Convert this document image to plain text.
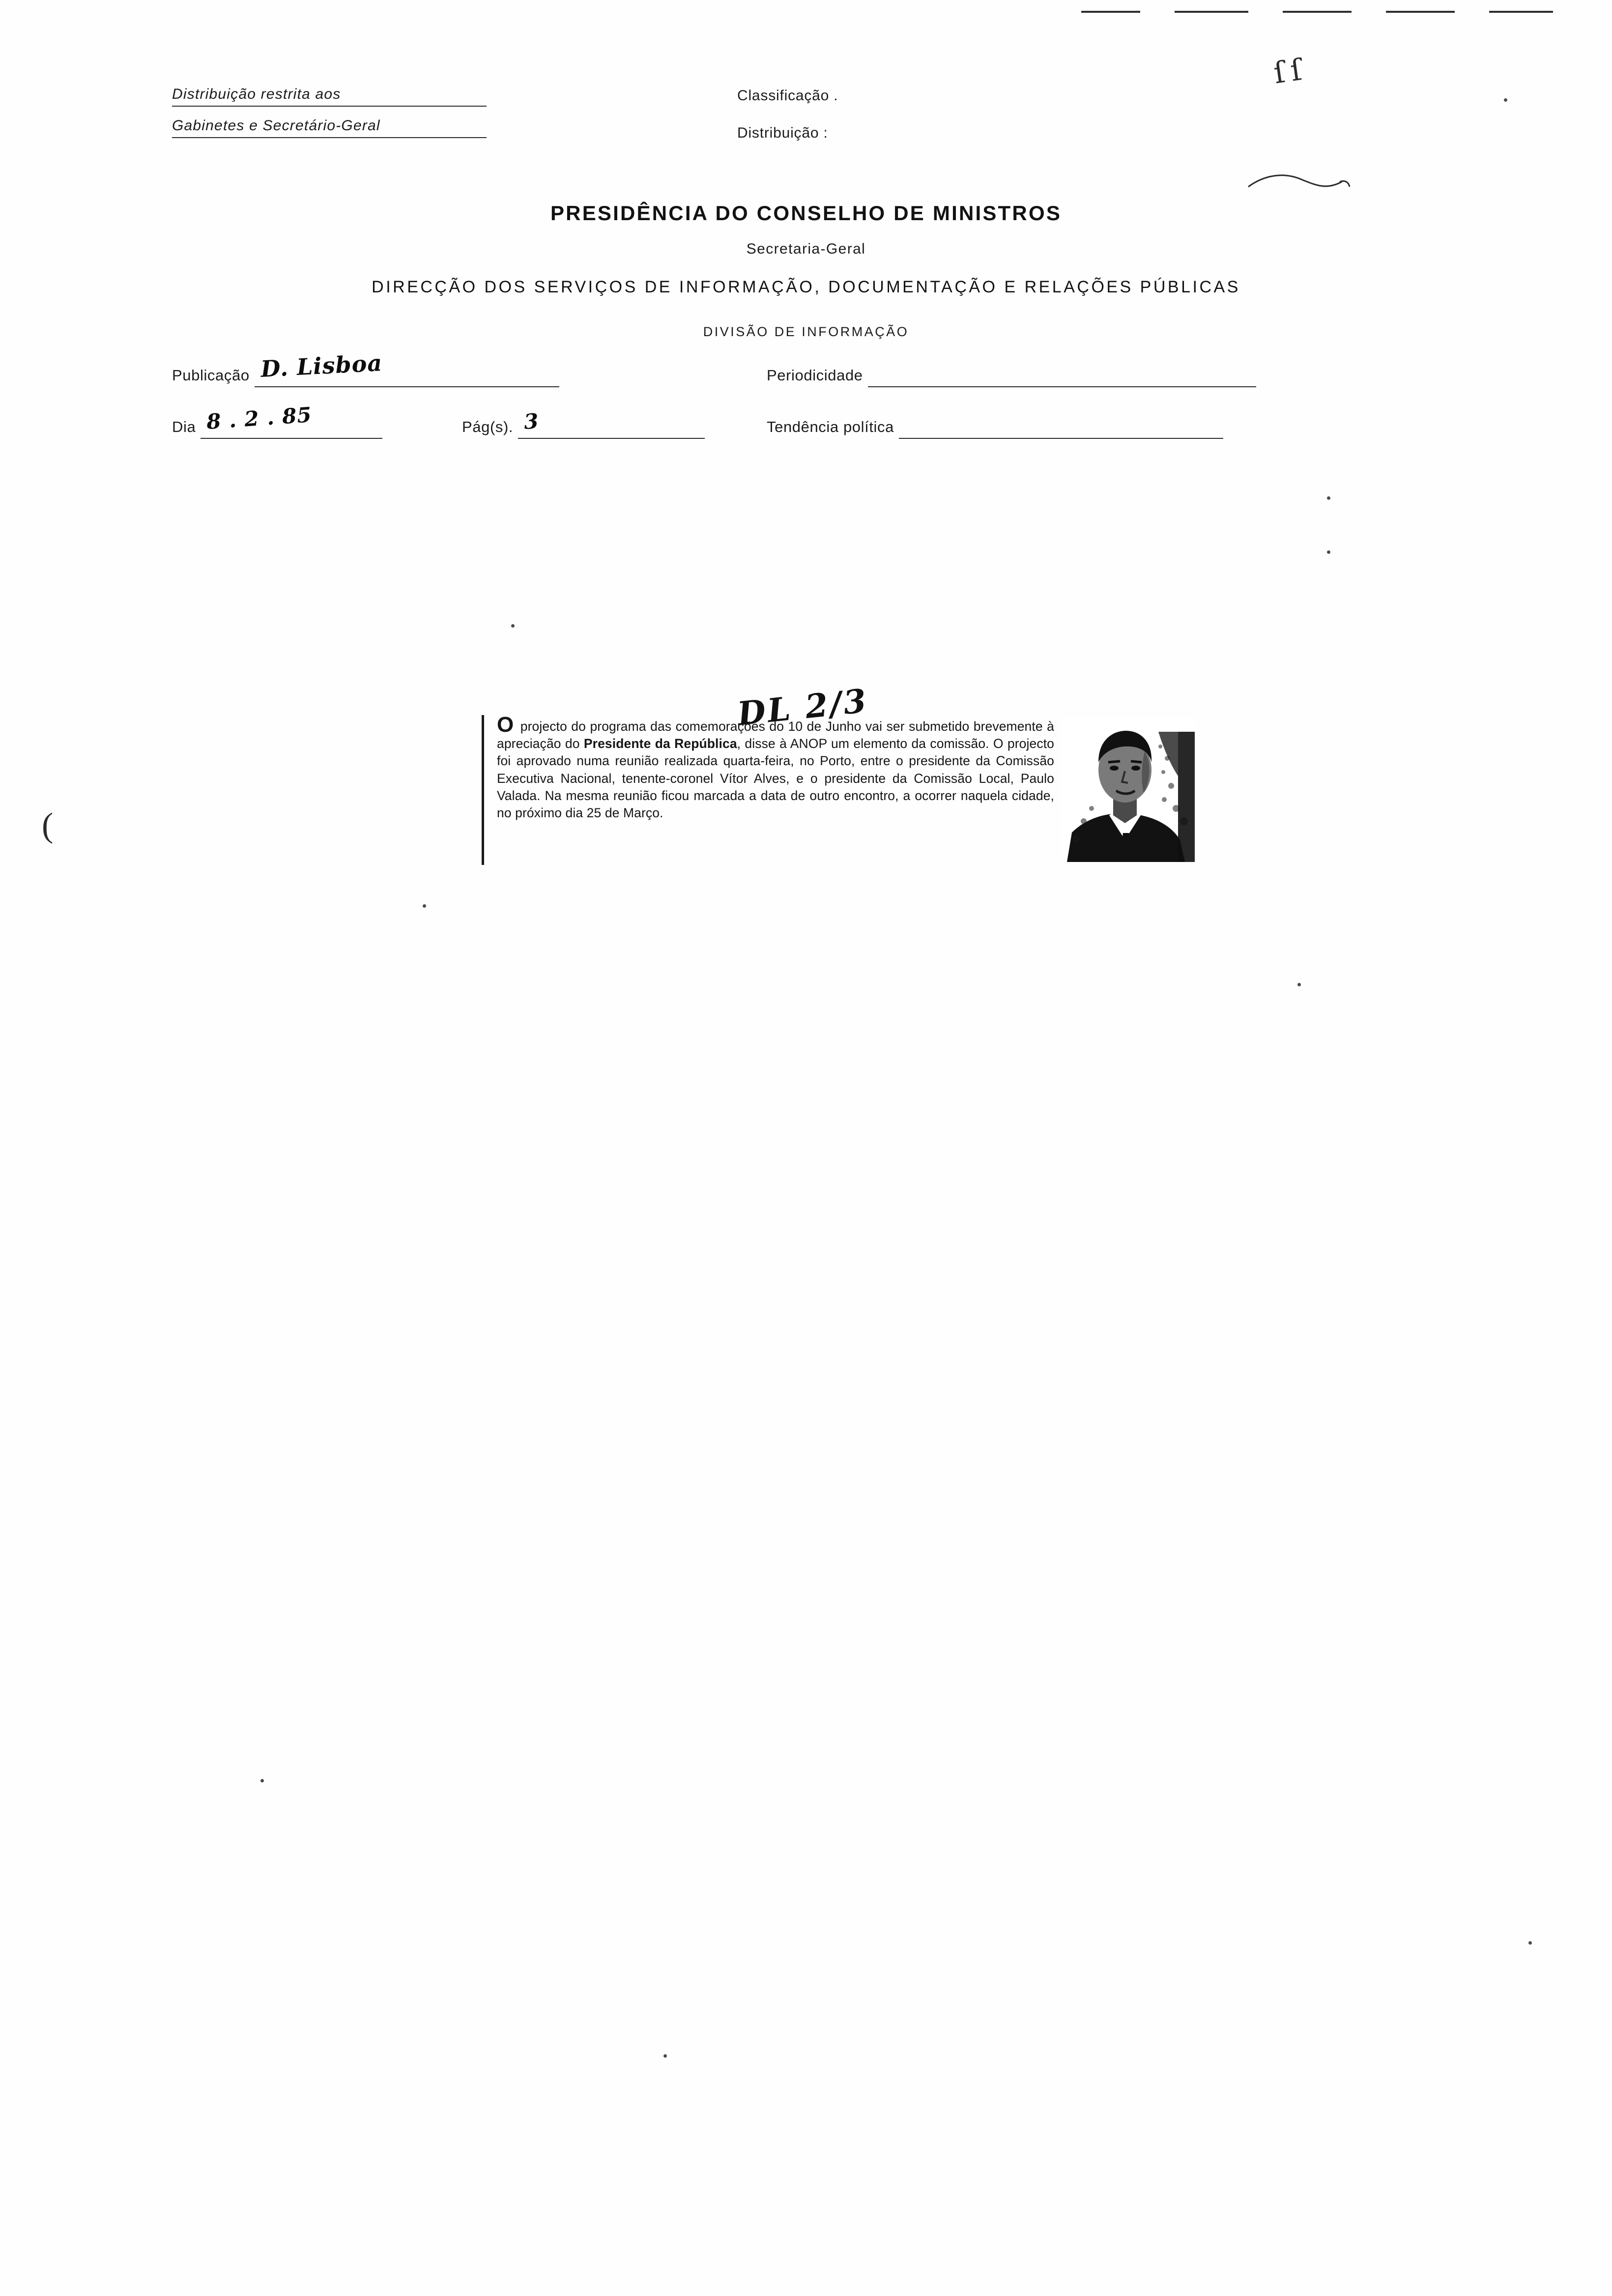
ſſ
(
Distribuição restrita aos
Gabinetes e Secretário-Geral
Classificação .
Distribuição :
PRESIDÊNCIA DO CONSELHO DE MINISTROS
Secretaria-Geral
DIRECÇÃO DOS SERVIÇOS DE INFORMAÇÃO, DOCUMENTAÇÃO E RELAÇÕES PÚBLICAS
DIVISÃO DE INFORMAÇÃO
Publicação D. Lisboa	Periodicidade
Dia 8 . 2 . 85	Pág(s). 3	Tendência política
O projecto do programa das comemorações do 10 de Junho vai ser submetido brevemente à apreciação do Presidente da República, disse à ANOP um elemento da comissão. O projecto foi aprovado numa reunião realizada quarta-feira, no Porto, entre o presidente da Comissão Executiva Nacional, tenente-coronel Vítor Alves, e o presidente da Comissão Local, Paulo Valada. Na mesma reunião ficou marcada a data de outro encontro, a ocorrer naquela cidade, no próximo dia 25 de Março.
DL 2/3
